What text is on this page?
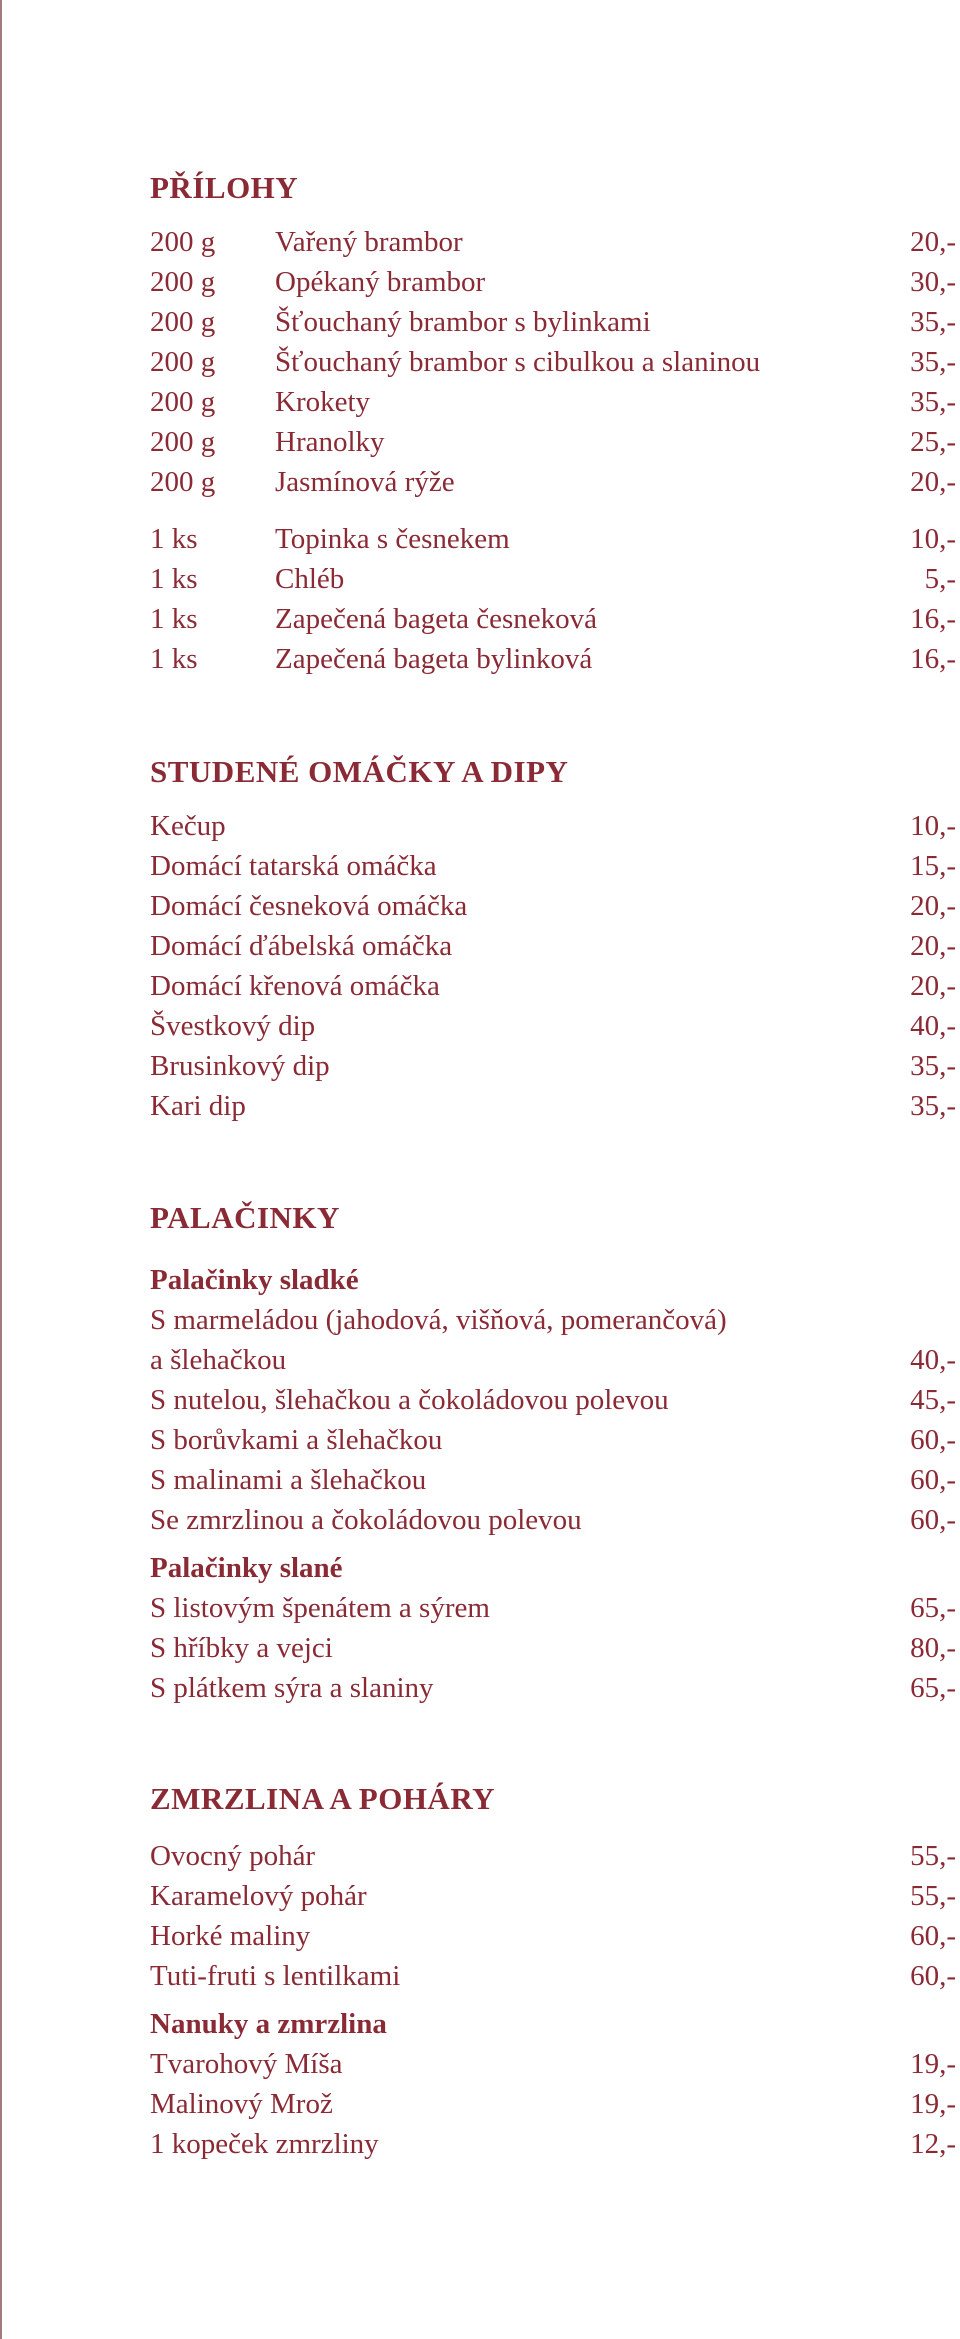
PŘÍLOHY
200 g Vařený brambor	20,-
200 g Opékaný brambor	30,-
200 g Šťouchaný brambor s bylinkami	35,-
200 g Šťouchaný brambor s cibulkou a slaninou	35,-
200 g Krokety	35,-
200 g Hranolky	25,-
200 g Jasmínová rýže	20,-
1 ks	Topinka s česnekem	10,-
1 ks	Chléb	5,-
1 ks	Zapečená bageta česneková	16,-
1 ks	Zapečená bageta bylinková	16,-
STUDENÉ OMÁČKY A DIPY
Kečup	10,-
Domácí tatarská omáčka	15,-
Domácí česneková omáčka	20,-
Domácí ďábelská omáčka	20,-
Domácí křenová omáčka	20,-
Švestkový dip	40,-
Brusinkový dip	35,-
Kari dip	35,-
PALAČINKY
Palačinky sladké
S marmeládou (jahodová, višňová, pomerančová)
a šlehačkou	40,-
S nutelou, šlehačkou a čokoládovou polevou	45,-
S borůvkami a šlehačkou	60,-
S malinami a šlehačkou	60,-
Se zmrzlinou a čokoládovou polevou	60,-
Palačinky slané
S listovým špenátem a sýrem	65,-
S hříbky a vejci	80,-
S plátkem sýra a slaniny	65,-
ZMRZLINA A POHÁRY
Ovocný pohár	55,-
Karamelový pohár	55,-
Horké maliny	60,-
Tuti-fruti s lentilkami	60,-
Nanuky a zmrzlina
Tvarohový Míša	19,-
Malinový Mrož	19,-
1 kopeček zmrzliny	12,-
